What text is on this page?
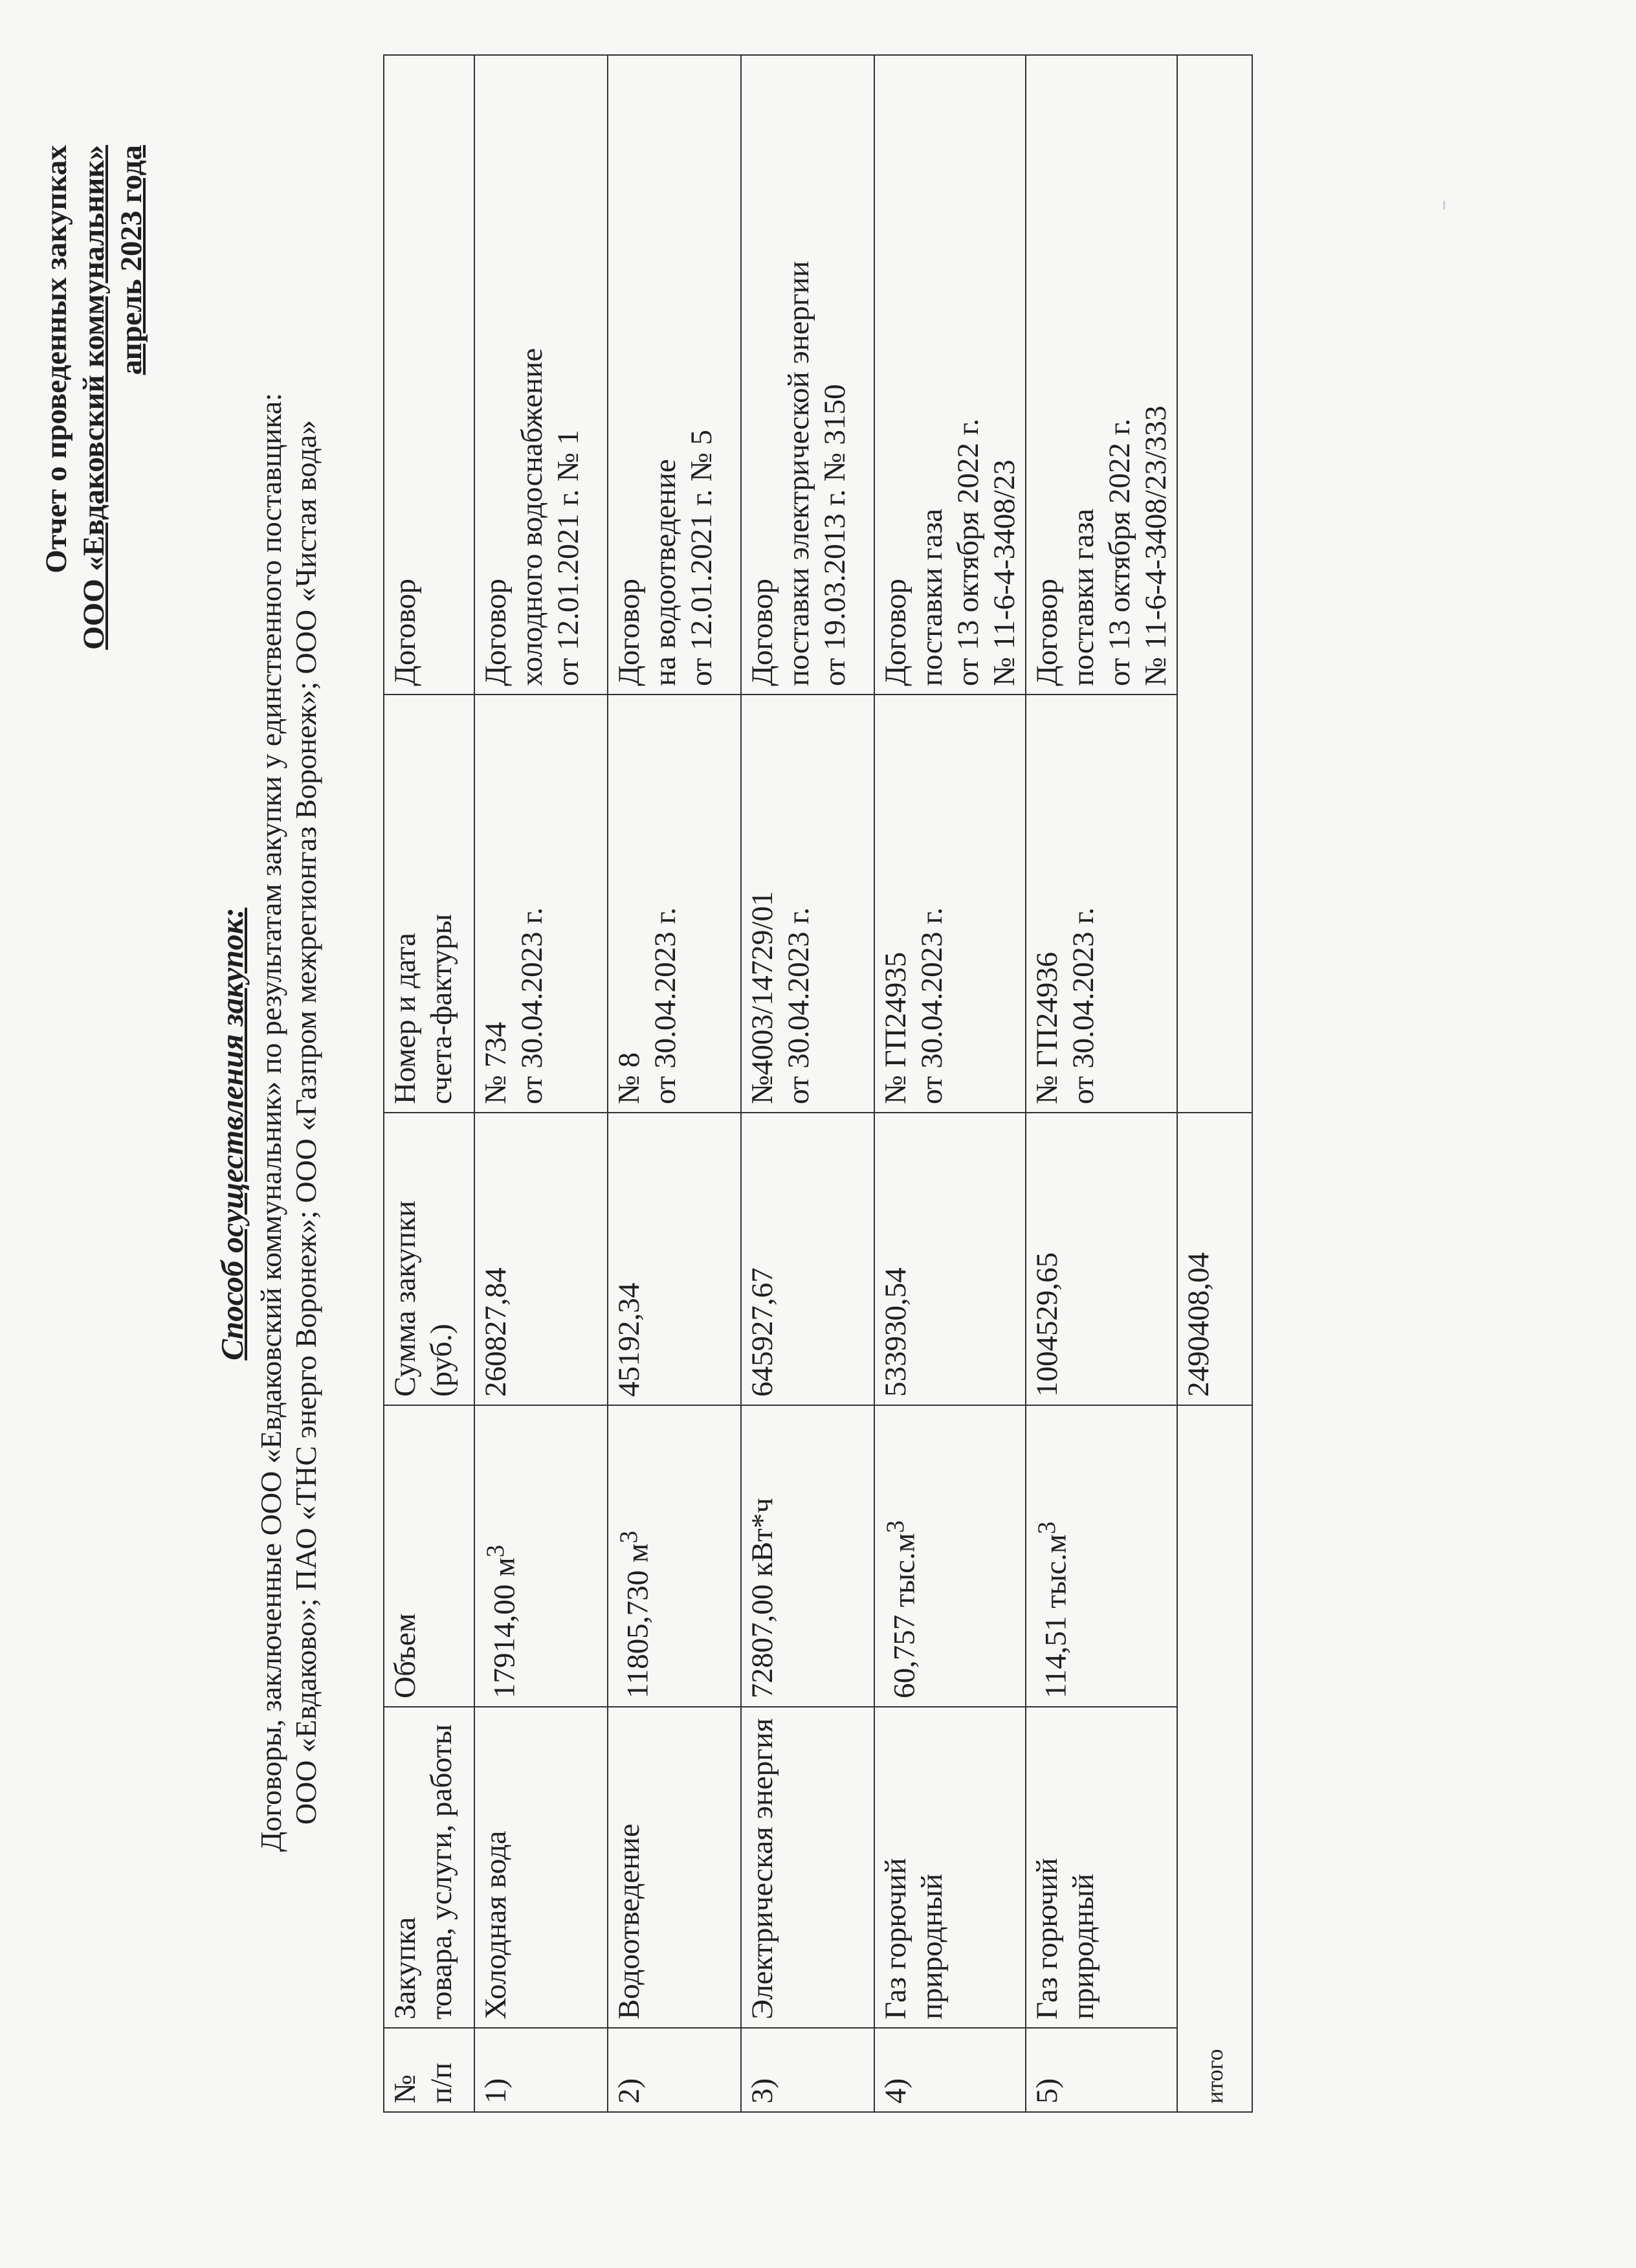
Отчет о проведенных закупках ООО «Евдаковский коммунальник» апрель 2023 года
Способ осуществления закупок: Договоры, заключенные ООО «Евдаковский коммунальник» по результатам закупки у единственного поставщика: ООО «Евдаково»; ПАО «ТНС энерго Воронеж»; ООО «Газпром межрегионгаз Воронеж»; ООО «Чистая вода»
№ п/п	Закупка товара, услуги, работы	Объем	Сумма закупки (руб.)	Номер и дата счета-фактуры	Договор
1)	Холодная вода	17914,00 $м^3$	260827,84	№ 734 от 30.04.2023 г.	Договор холодного водоснабжение от 12.01.2021 г. № 1

2)	Водоотведение	11805,730 $м^3$	45192,34	№ 8 от 30.04.2023 г.	Договор на водоотведение от 12.01.2021 г. № 5

3)	Электрическая энергия	72807,00 кВт*ч	645927,67	№4003/14729/01 от 30.04.2023 г.	Договор поставки электрической энергии от 19.03.2013 г. № 3150

4)	Газ горючий природный	60,757 $тыс.м^3$	533930,54	№ ГП24935 от 30.04.2023 г.	Договор поставки газа от 13 октября 2022 г. № 11-6-4-3408/23

5)	Газ горючий природный	114,51 $тыс.м^3$	1004529,65	№ ГП24936 от 30.04.2023 г.	Договор поставки газа от 13 октября 2022 г. № 11-6-4-3408/23/333

итого			2490408,04		
